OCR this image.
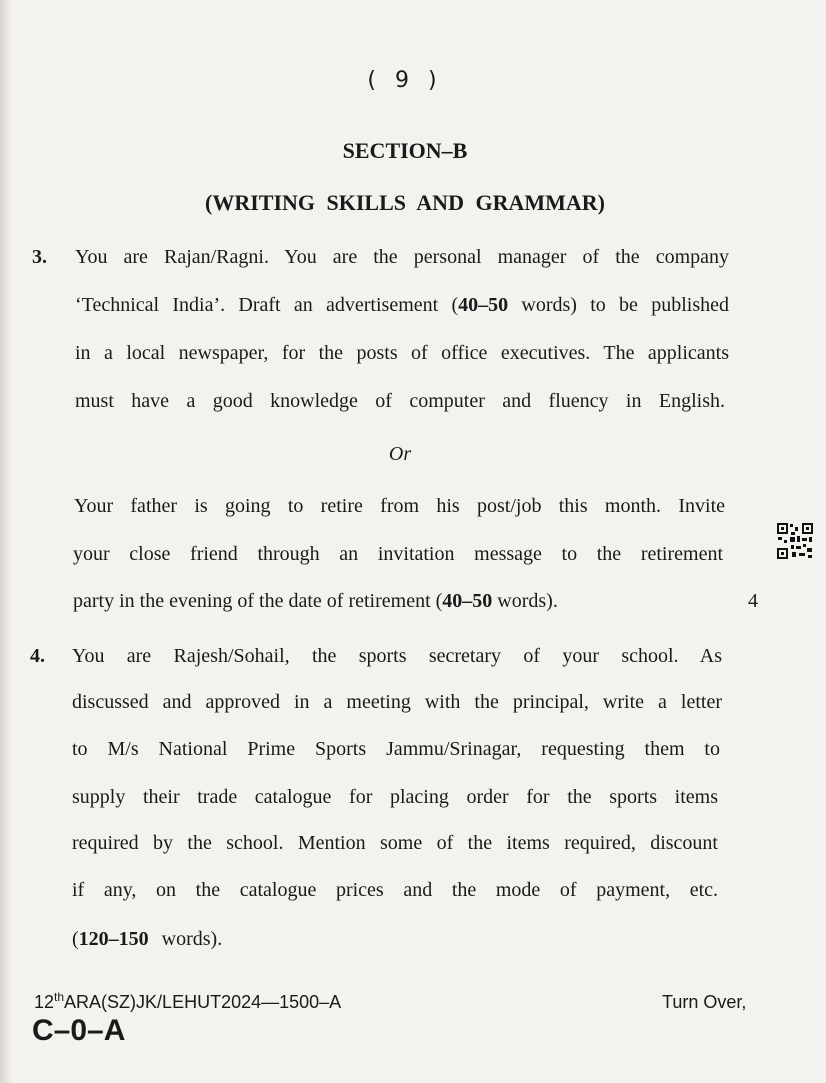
( 9 )
SECTION–B
(WRITING SKILLS AND GRAMMAR)
3. You are Rajan/Ragni. You are the personal manager of the company
‘Technical India’. Draft an advertisement (40–50 words) to be published
in a local newspaper, for the posts of office executives. The applicants
must have a good knowledge of computer and fluency in English.
Or
Your father is going to retire from his post/job this month. Invite
your close friend through an invitation message to the retirement
party in the evening of the date of retirement (40–50 words).	4
4. You are Rajesh/Sohail, the sports secretary of your school. As
discussed and approved in a meeting with the principal, write a letter
to M/s National Prime Sports Jammu/Srinagar, requesting them to
supply their trade catalogue for placing order for the sports items
required by the school. Mention some of the items required, discount
if any, on the catalogue prices and the mode of payment, etc.
(120–150 words).
12thARA(SZ)JK/LEHUT2024—1500–A	Turn Over,
C–0–A
